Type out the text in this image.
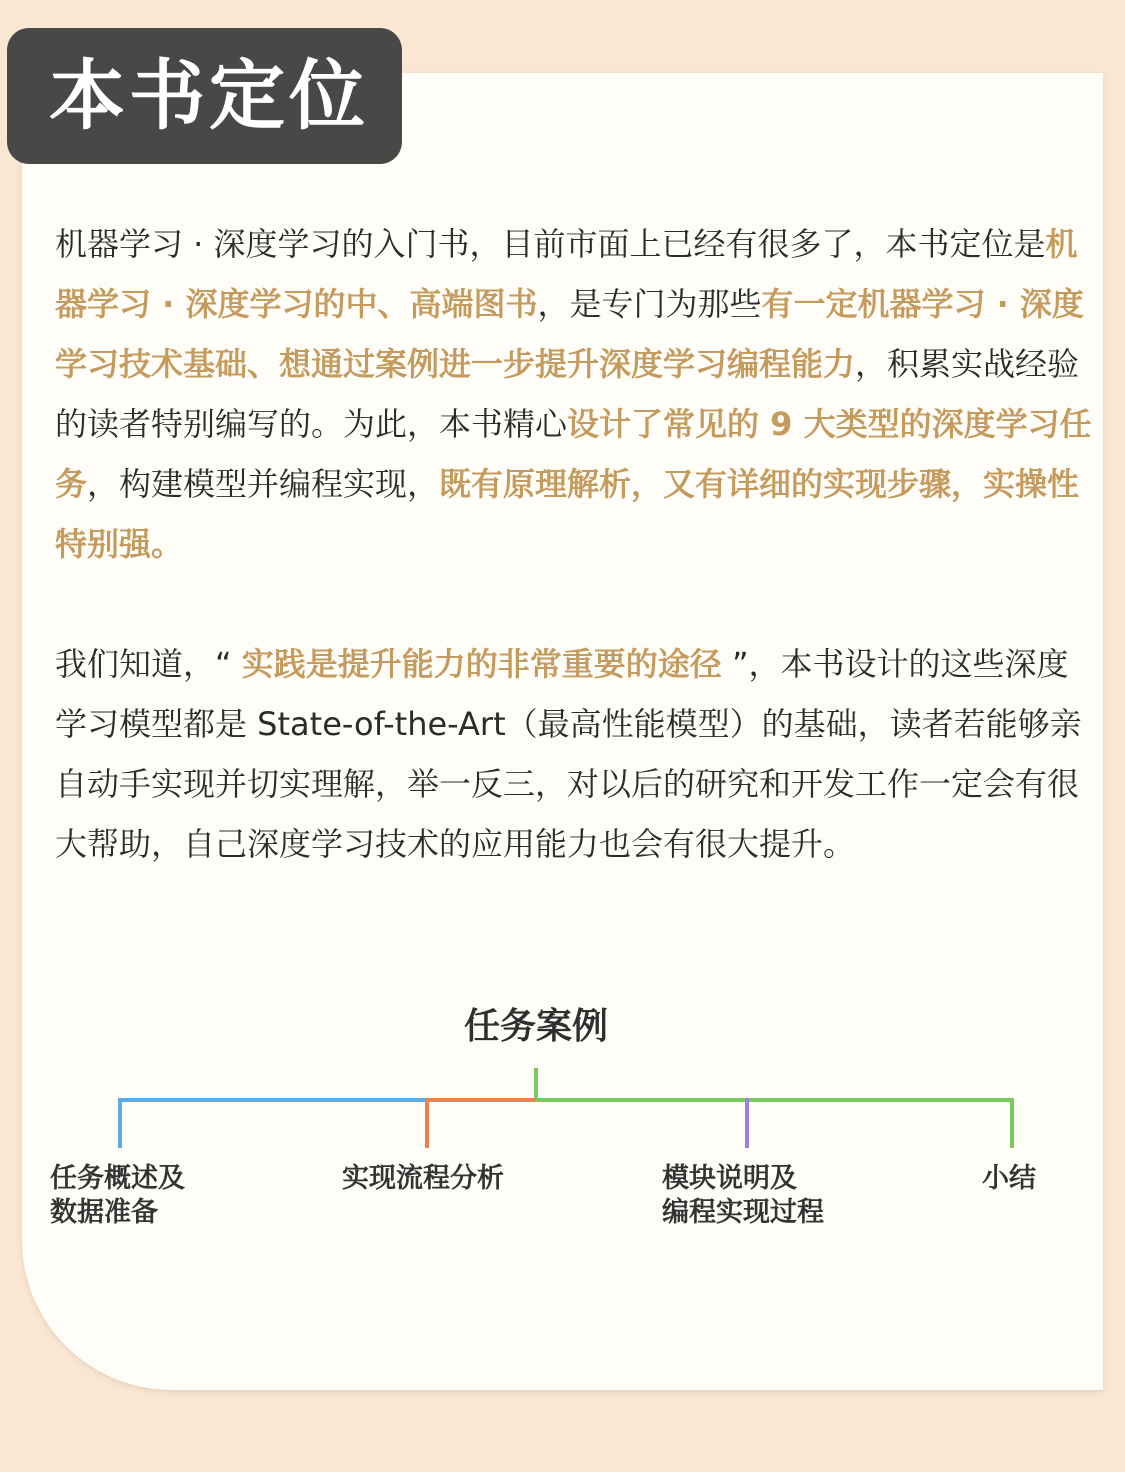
本书定位

机器学习 · 深度学习的入门书，目前市面上已经有很多了，本书定位是机器学习 · 深度学习的中、高端图书，是专门为那些有一定机器学习 · 深度学习技术基础、想通过案例进一步提升深度学习编程能力，积累实战经验的读者特别编写的。为此，本书精心设计了常见的 9 大类型的深度学习任务，构建模型并编程实现，既有原理解析，又有详细的实现步骤，实操性特别强。

我们知道，“ 实践是提升能力的非常重要的途径 ”，本书设计的这些深度学习模型都是 State-of-the-Art（最高性能模型）的基础，读者若能够亲自动手实现并切实理解，举一反三，对以后的研究和开发工作一定会有很大帮助，自己深度学习技术的应用能力也会有很大提升。

任务案例
任务概述及
数据准备
实现流程分析	模块说明及
编程实现过程
小结
